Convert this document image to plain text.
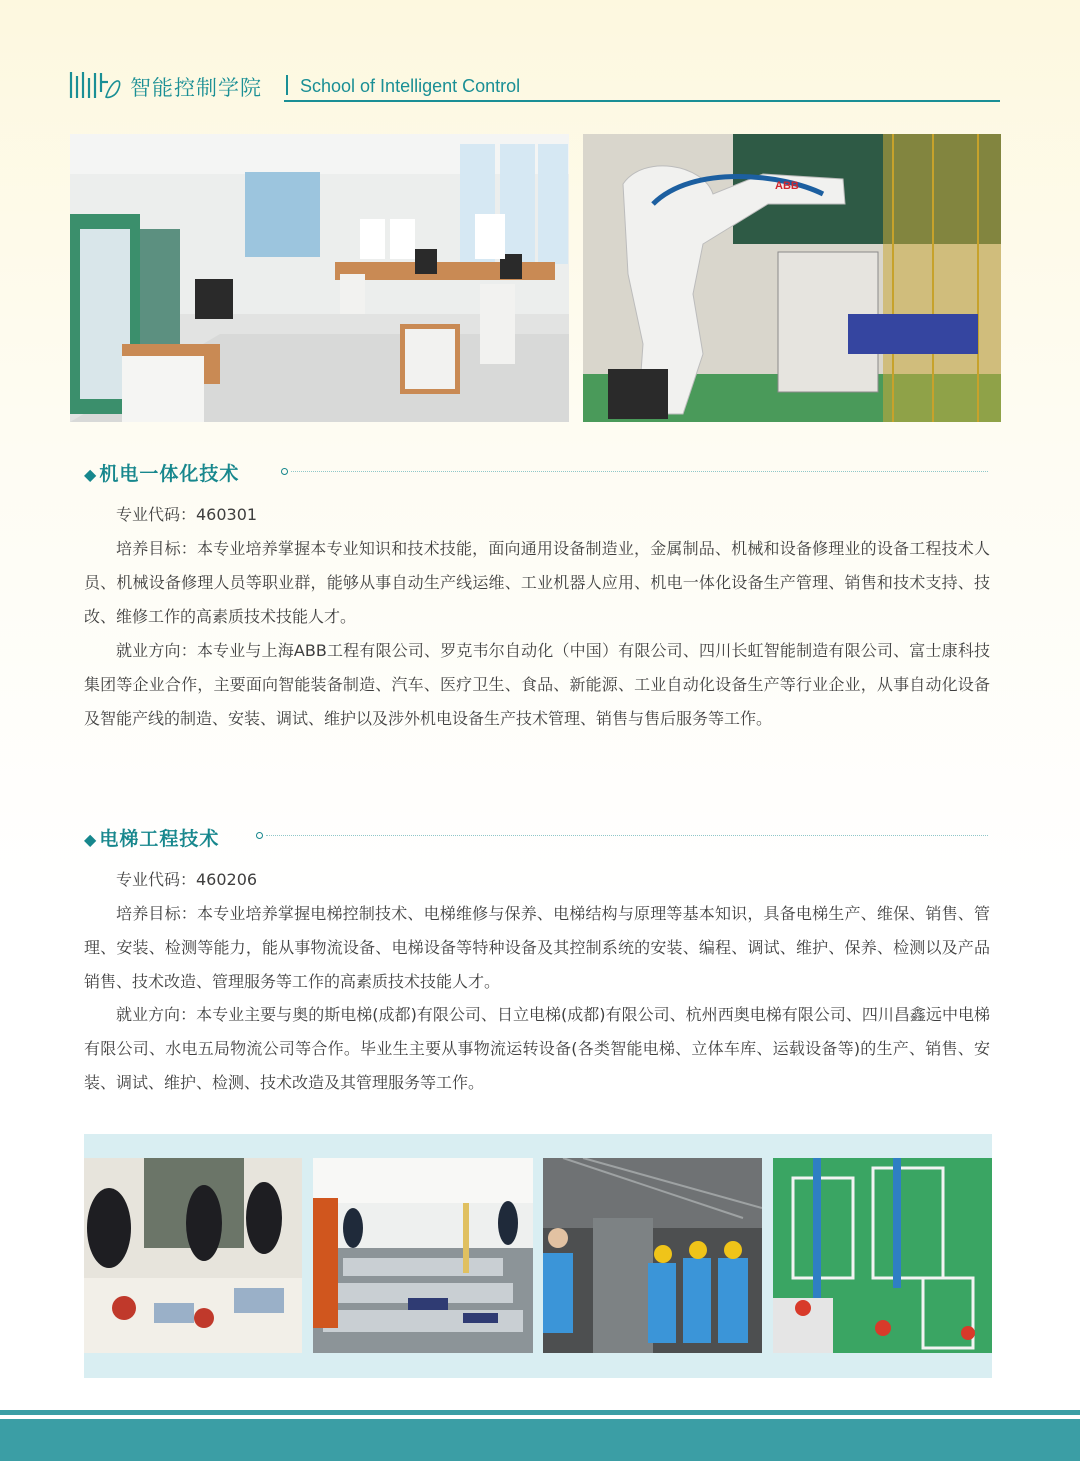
智能控制学院 School of Intelligent Control
ABB
◆ 机电一体化技术

专业代码：460301

培养目标：本专业培养掌握本专业知识和技术技能，面向通用设备制造业，金属制品、机械和设备修理业的设备工程技术人员、机械设备修理人员等职业群，能够从事自动生产线运维、工业机器人应用、机电一体化设备生产管理、销售和技术支持、技改、维修工作的高素质技术技能人才。

就业方向：本专业与上海ABB工程有限公司、罗克韦尔自动化（中国）有限公司、四川长虹智能制造有限公司、富士康科技集团等企业合作，主要面向智能装备制造、汽车、医疗卫生、食品、新能源、工业自动化设备生产等行业企业，从事自动化设备及智能产线的制造、安装、调试、维护以及涉外机电设备生产技术管理、销售与售后服务等工作。

◆ 电梯工程技术

专业代码：460206

培养目标：本专业培养掌握电梯控制技术、电梯维修与保养、电梯结构与原理等基本知识，具备电梯生产、维保、销售、管理、安装、检测等能力，能从事物流设备、电梯设备等特种设备及其控制系统的安装、编程、调试、维护、保养、检测以及产品销售、技术改造、管理服务等工作的高素质技术技能人才。

就业方向：本专业主要与奥的斯电梯(成都)有限公司、日立电梯(成都)有限公司、杭州西奥电梯有限公司、四川昌鑫远中电梯有限公司、水电五局物流公司等合作。毕业生主要从事物流运转设备(各类智能电梯、立体车库、运载设备等)的生产、销售、安装、调试、维护、检测、技术改造及其管理服务等工作。
